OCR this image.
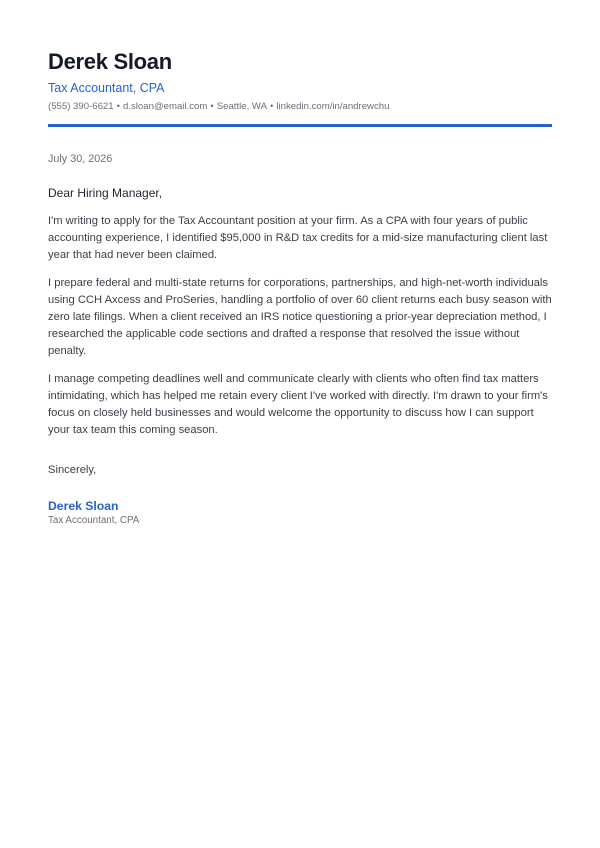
Derek Sloan
Tax Accountant, CPA
(555) 390-6621 • d.sloan@email.com • Seattle, WA • linkedin.com/in/andrewchu
July 30, 2026
Dear Hiring Manager,

I'm writing to apply for the Tax Accountant position at your firm. As a CPA with four years of public accounting experience, I identified $95,000 in R&D tax credits for a mid-size manufacturing client last year that had never been claimed.

I prepare federal and multi-state returns for corporations, partnerships, and high-net-worth individuals using CCH Axcess and ProSeries, handling a portfolio of over 60 client returns each busy season with zero late filings. When a client received an IRS notice questioning a prior-year depreciation method, I researched the applicable code sections and drafted a response that resolved the issue without penalty.

I manage competing deadlines well and communicate clearly with clients who often find tax matters intimidating, which has helped me retain every client I've worked with directly. I'm drawn to your firm's focus on closely held businesses and would welcome the opportunity to discuss how I can support your tax team this coming season.

Sincerely,
Derek Sloan
Tax Accountant, CPA
